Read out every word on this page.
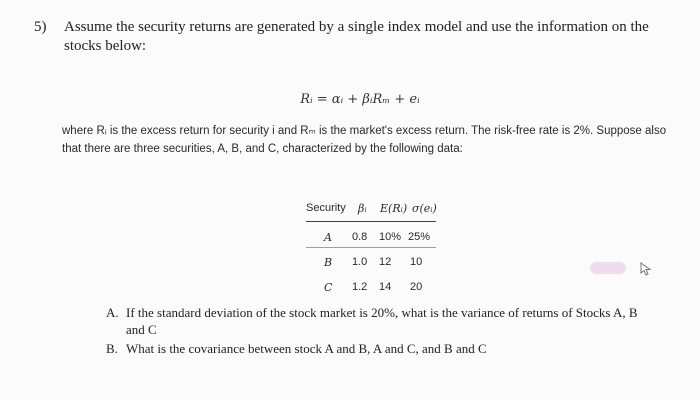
5) Assume the security returns are generated by a single index model and use the information on the stocks below:
Rᵢ = αᵢ + βᵢRₘ + eᵢ
where Rᵢ is the excess return for security i and Rₘ is the market's excess return. The risk-free rate is 2%. Suppose also that there are three securities, A, B, and C, characterized by the following data:
Security βᵢ E(Rᵢ) σ(eᵢ)
A 0.8 10% 25%
B 1.0 12 10
C 1.2 14 20
A. If the standard deviation of the stock market is 20%, what is the variance of returns of Stocks A, B and C
B. What is the covariance between stock A and B, A and C, and B and C
